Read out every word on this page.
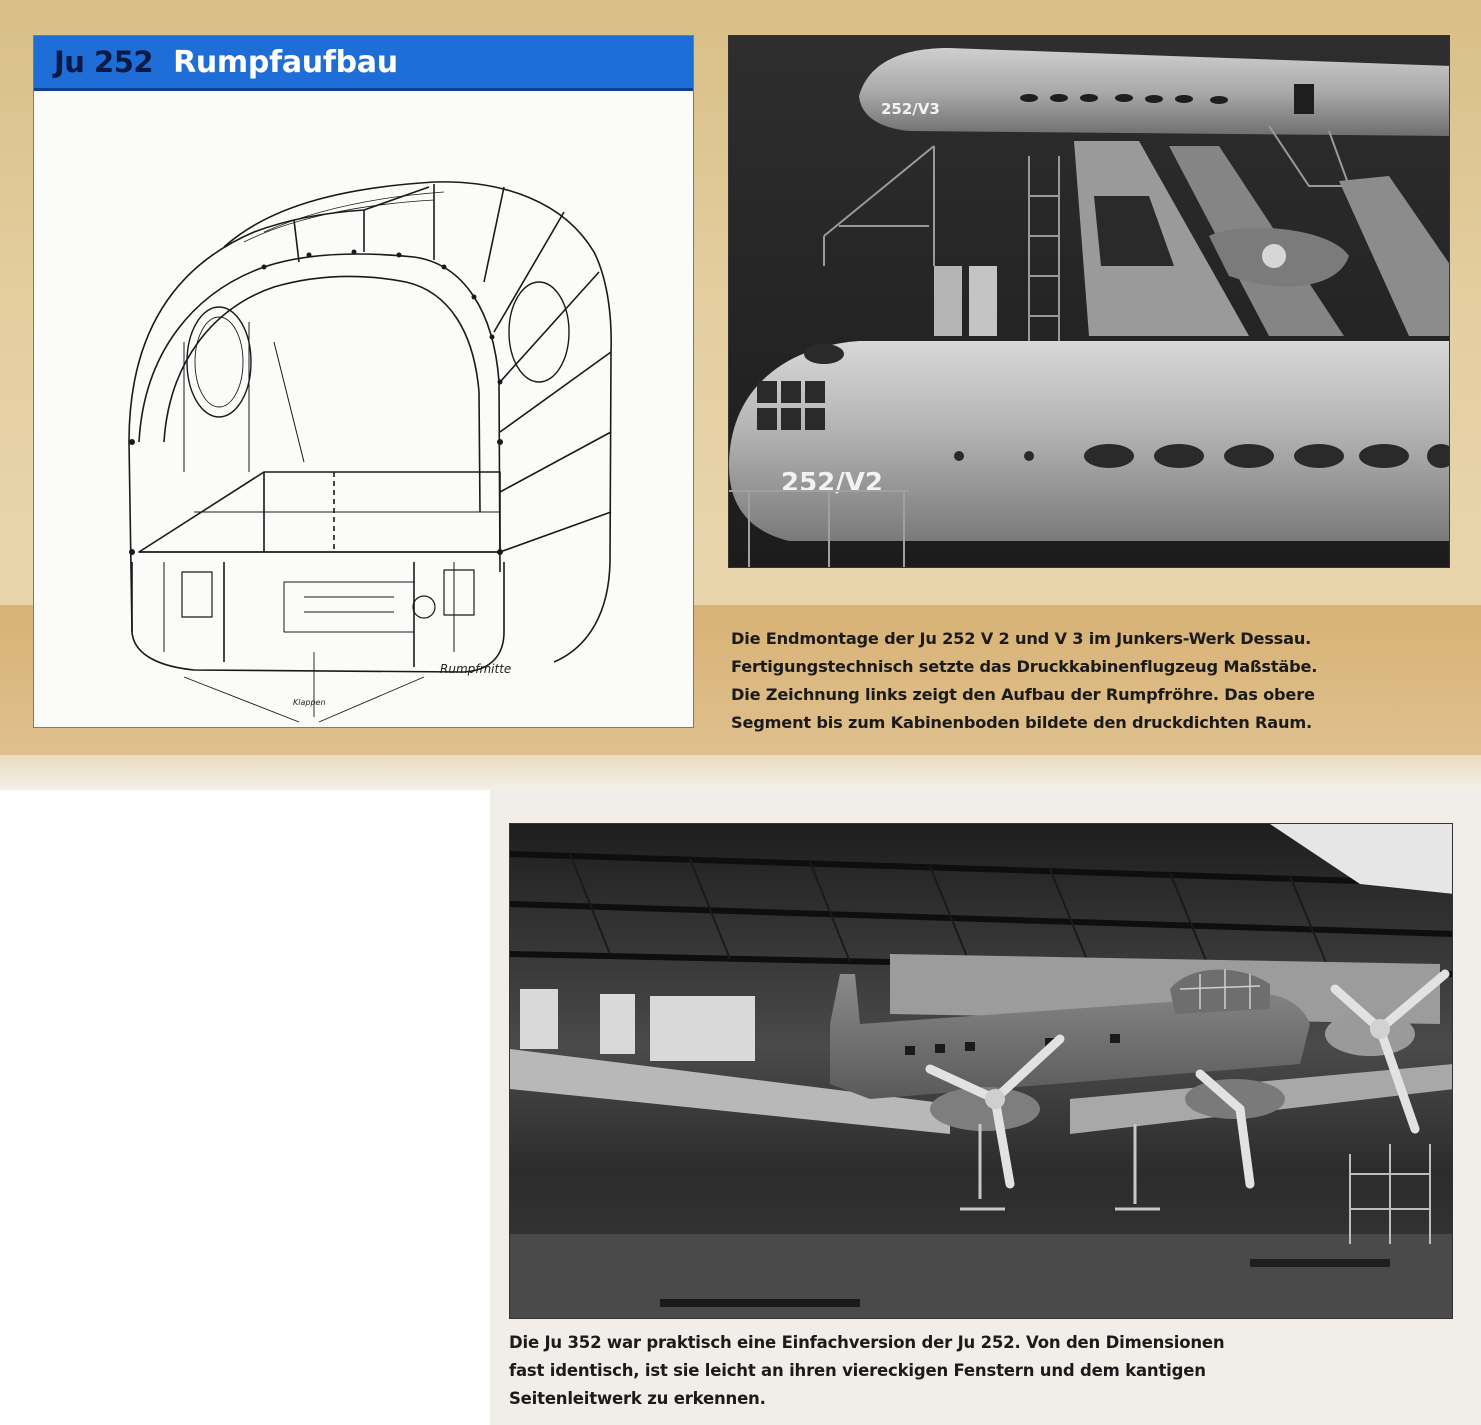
Ju 252 Rumpfaufbau
Rumpfmitte
Klappen
252/V3
252/V2
Die Endmontage der Ju 252 V 2 und V 3 im Junkers-Werk Dessau.
Fertigungstechnisch setzte das Druckkabinenflugzeug Maßstäbe.
Die Zeichnung links zeigt den Aufbau der Rumpfröhre. Das obere
Segment bis zum Kabinenboden bildete den druckdichten Raum.
Die Ju 352 war praktisch eine Einfachversion der Ju 252. Von den Dimensionen
fast identisch, ist sie leicht an ihren viereckigen Fenstern und dem kantigen
Seitenleitwerk zu erkennen.
